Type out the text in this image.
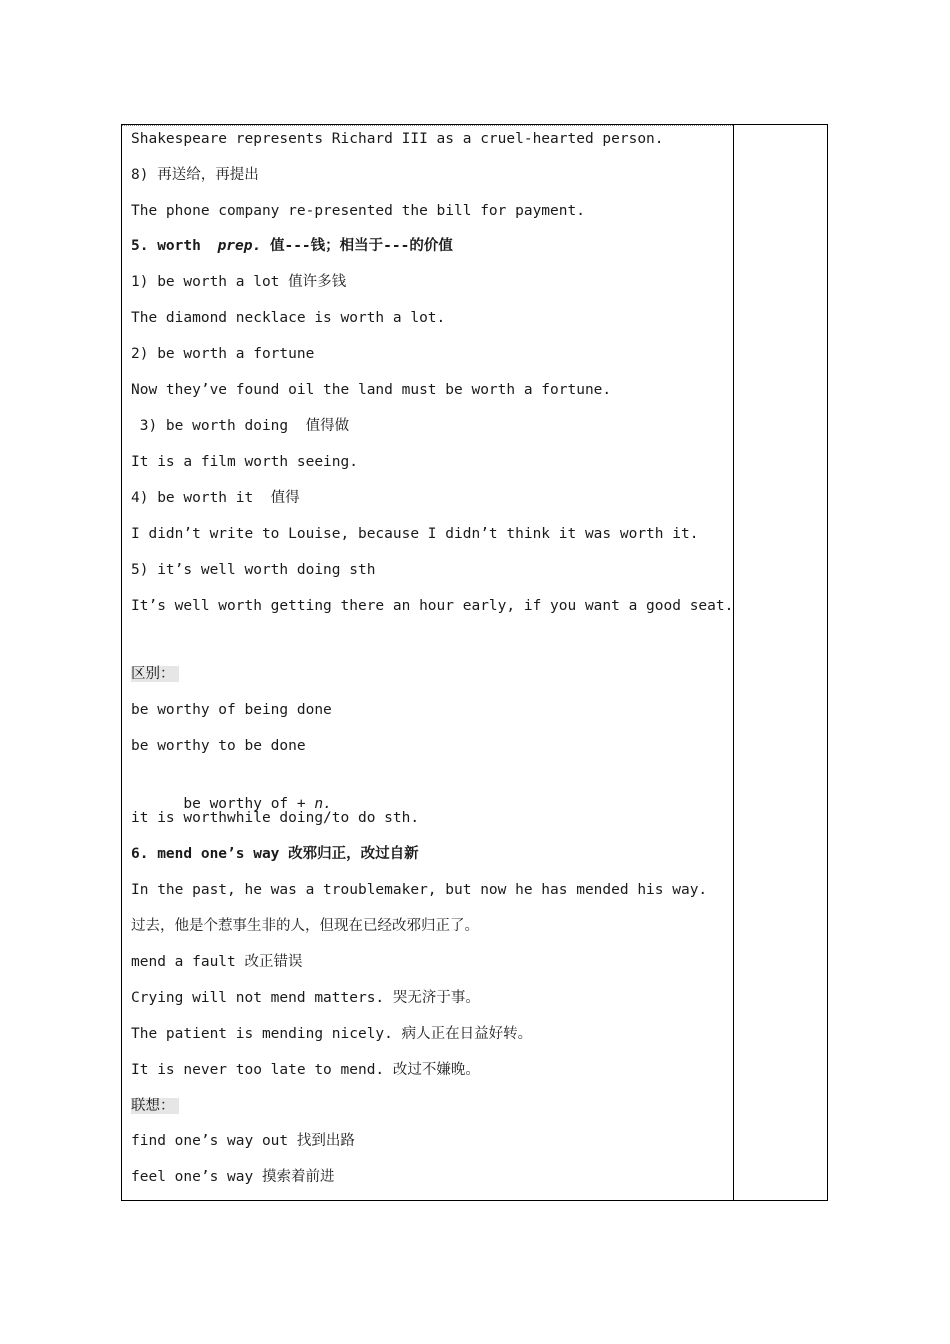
Shakespeare represents Richard III as a cruel-hearted person.
8) 再送给，再提出
The phone company re-presented the bill for payment.
5. worth prep. 值---钱；相当于---的价值
1) be worth a lot 值许多钱
The diamond necklace is worth a lot.
2) be worth a fortune
Now they’ve found oil the land must be worth a fortune.
3) be worth doing  值得做
It is a film worth seeing.
4) be worth it  值得
I didn’t write to Louise, because I didn’t think it was worth it.
5) it’s well worth doing sth
It’s well worth getting there an hour early, if you want a good seat.
区别：
be worthy of being done
be worthy to be done

be worthy of + n.

it is worthwhile doing/to do sth.
6. mend one’s way 改邪归正，改过自新
In the past, he was a troublemaker, but now he has mended his way.
过去，他是个惹事生非的人，但现在已经改邪归正了。
mend a fault 改正错误
Crying will not mend matters. 哭无济于事。
The patient is mending nicely. 病人正在日益好转。
It is never too late to mend. 改过不嫌晚。
联想：
find one’s way out 找到出路
feel one’s way 摸索着前进
